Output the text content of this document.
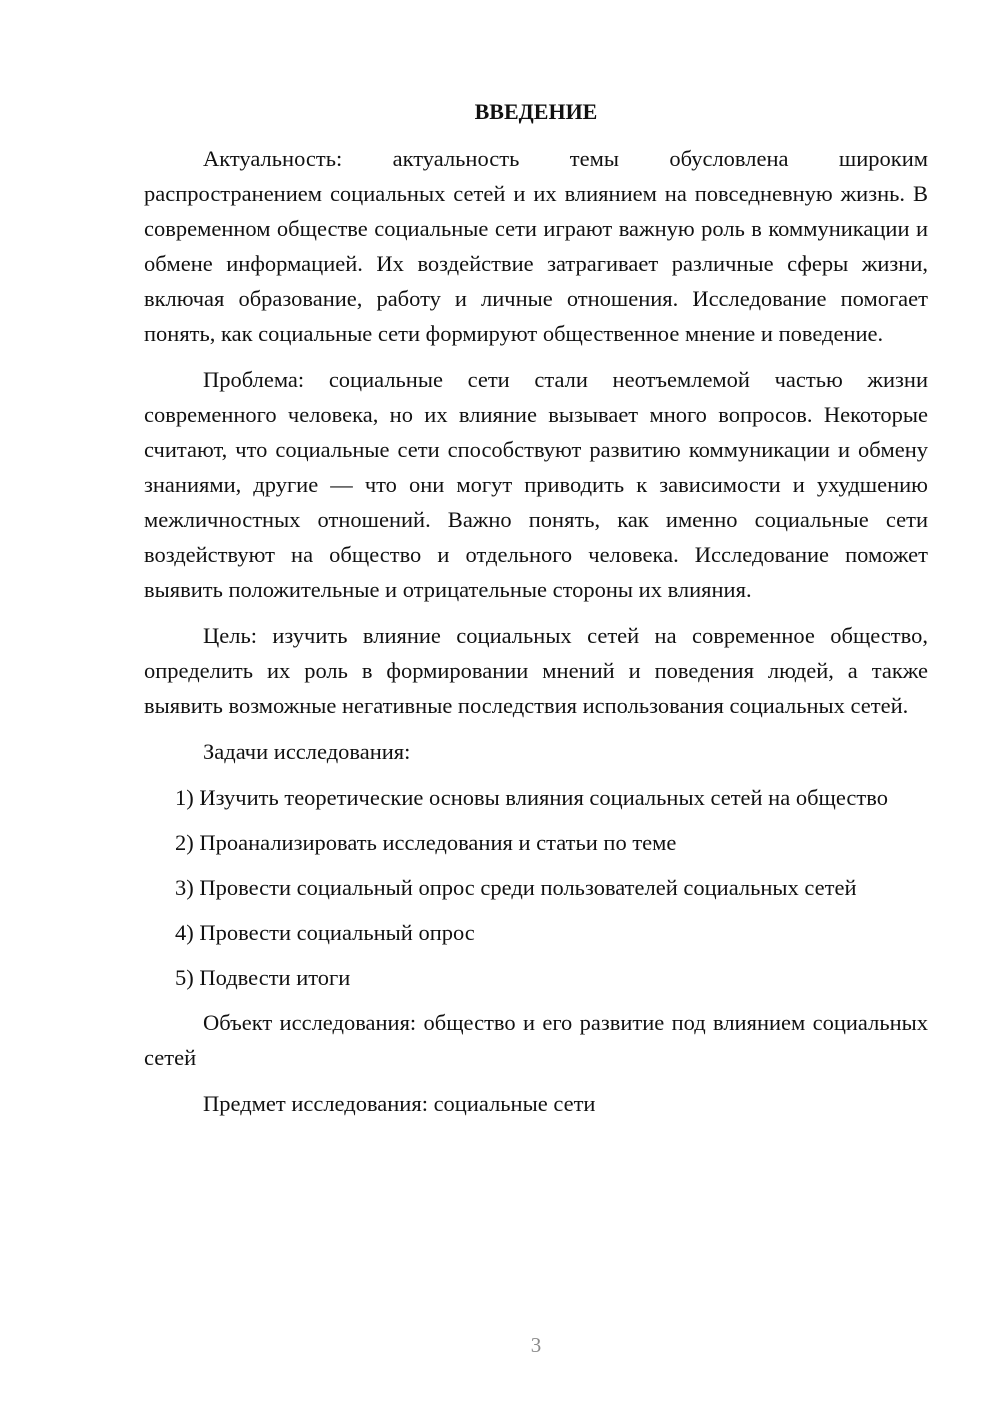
ВВЕДЕНИЕ

Актуальность: актуальность темы обусловлена широким распространением социальных сетей и их влиянием на повседневную жизнь. В современном обществе социальные сети играют важную роль в коммуникации и обмене информацией. Их воздействие затрагивает различные сферы жизни, включая образование, работу и личные отношения. Исследование помогает понять, как социальные сети формируют общественное мнение и поведение.

Проблема: социальные сети стали неотъемлемой частью жизни современного человека, но их влияние вызывает много вопросов. Некоторые считают, что социальные сети способствуют развитию коммуникации и обмену знаниями, другие — что они могут приводить к зависимости и ухудшению межличностных отношений. Важно понять, как именно социальные сети воздействуют на общество и отдельного человека. Исследование поможет выявить положительные и отрицательные стороны их влияния.

Цель: изучить влияние социальных сетей на современное общество, определить их роль в формировании мнений и поведения людей, а также выявить возможные негативные последствия использования социальных сетей.

Задачи исследования:

1) Изучить теоретические основы влияния социальных сетей на общество

2) Проанализировать исследования и статьи по теме

3) Провести социальный опрос среди пользователей социальных сетей

4) Провести социальный опрос

5) Подвести итоги

Объект исследования: общество и его развитие под влиянием социальных сетей

Предмет исследования: социальные сети

3
